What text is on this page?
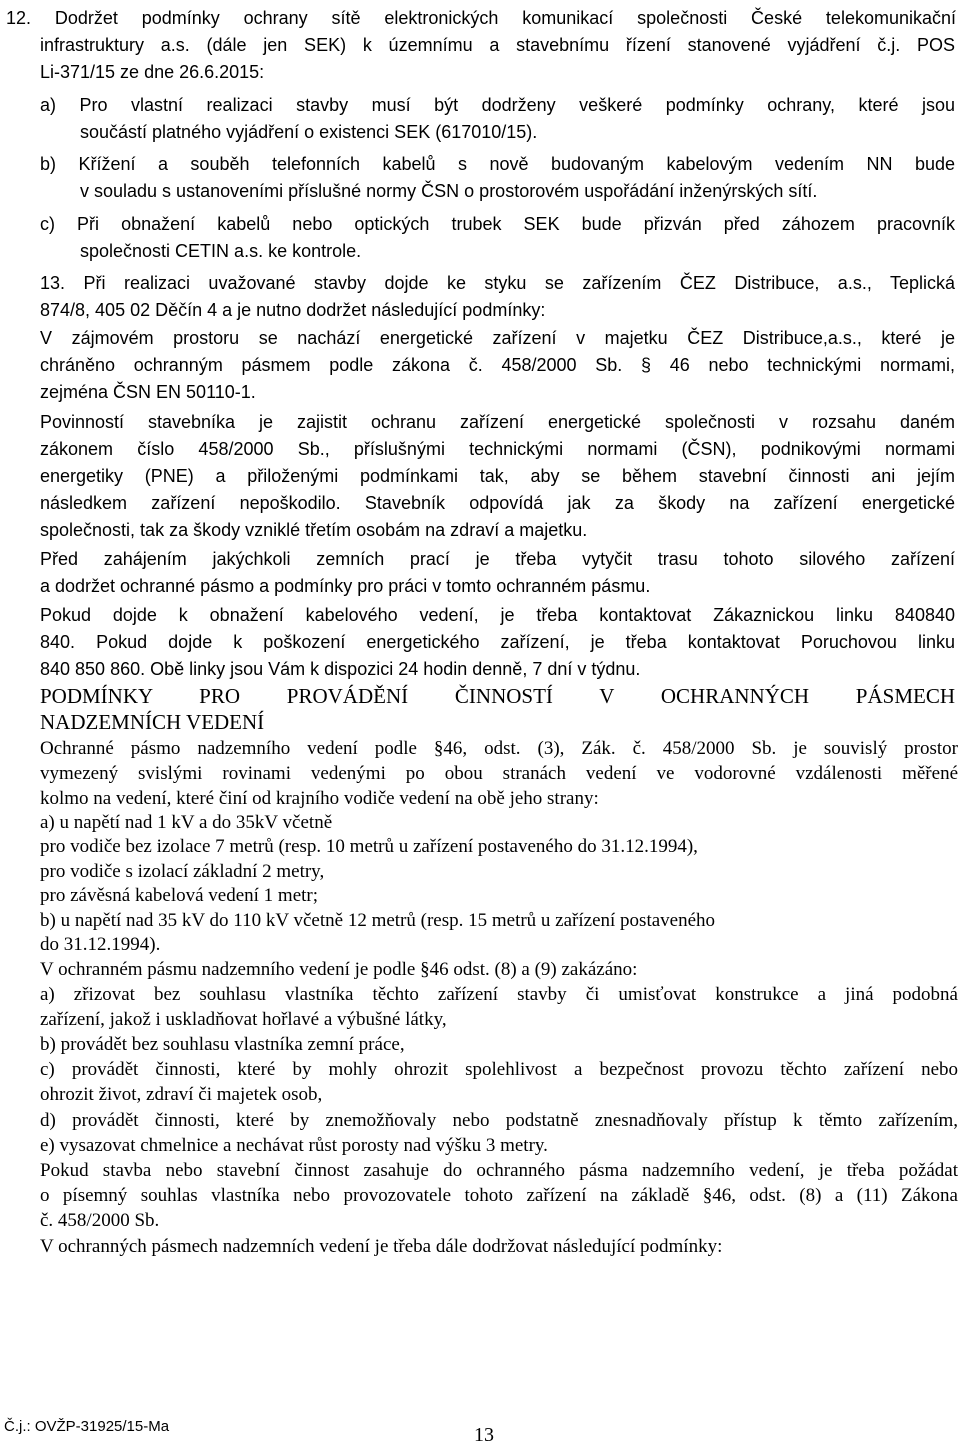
12. Dodržet podmínky ochrany sítě elektronických komunikací společnosti České telekomunikační
infrastruktury a.s. (dále jen SEK) k územnímu a stavebnímu řízení stanovené vyjádření č.j. POS
Li-371/15 ze dne 26.6.2015:
a) Pro vlastní realizaci stavby musí být dodrženy veškeré podmínky ochrany, které jsou
součástí platného vyjádření o existenci SEK (617010/15).
b) Křížení a souběh telefonních kabelů s nově budovaným kabelovým vedením NN bude
v souladu s ustanoveními příslušné normy ČSN o prostorovém uspořádání inženýrských sítí.
c) Při obnažení kabelů nebo optických trubek SEK bude přizván před záhozem pracovník
společnosti CETIN a.s. ke kontrole.
13. Při realizaci uvažované stavby dojde ke styku se zařízením ČEZ Distribuce, a.s., Teplická
874/8, 405 02 Děčín 4 a je nutno dodržet následující podmínky:
V zájmovém prostoru se nachází energetické zařízení v majetku ČEZ Distribuce,a.s., které je
chráněno ochranným pásmem podle zákona č. 458/2000 Sb. § 46 nebo technickými normami,
zejména ČSN EN 50110-1.
Povinností stavebníka je zajistit ochranu zařízení energetické společnosti v rozsahu daném
zákonem číslo 458/2000 Sb., příslušnými technickými normami (ČSN), podnikovými normami
energetiky (PNE) a přiloženými podmínkami tak, aby se během stavební činnosti ani jejím
následkem zařízení nepoškodilo. Stavebník odpovídá jak za škody na zařízení energetické
společnosti, tak za škody vzniklé třetím osobám na zdraví a majetku.
Před zahájením jakýchkoli zemních prací je třeba vytyčit trasu tohoto silového zařízení
a dodržet ochranné pásmo a podmínky pro práci v tomto ochranném pásmu.
Pokud dojde k obnažení kabelového vedení, je třeba kontaktovat Zákaznickou linku 840840
840. Pokud dojde k poškození energetického zařízení, je třeba kontaktovat Poruchovou linku
840 850 860. Obě linky jsou Vám k dispozici 24 hodin denně, 7 dní v týdnu.
PODMÍNKY PRO PROVÁDĚNÍ ČINNOSTÍ V OCHRANNÝCH PÁSMECH
NADZEMNÍCH VEDENÍ
Ochranné pásmo nadzemního vedení podle §46, odst. (3), Zák. č. 458/2000 Sb. je souvislý prostor
vymezený svislými rovinami vedenými po obou stranách vedení ve vodorovné vzdálenosti měřené
kolmo na vedení, které činí od krajního vodiče vedení na obě jeho strany:
a) u napětí nad 1 kV a do 35kV včetně
pro vodiče bez izolace 7 metrů (resp. 10 metrů u zařízení postaveného do 31.12.1994),
pro vodiče s izolací základní 2 metry,
pro závěsná kabelová vedení 1 metr;
b) u napětí nad 35 kV do 110 kV včetně 12 metrů (resp. 15 metrů u zařízení postaveného
do 31.12.1994).
V ochranném pásmu nadzemního vedení je podle §46 odst. (8) a (9) zakázáno:
a) zřizovat bez souhlasu vlastníka těchto zařízení stavby či umisťovat konstrukce a jiná podobná
zařízení, jakož i uskladňovat hořlavé a výbušné látky,
b) provádět bez souhlasu vlastníka zemní práce,
c) provádět činnosti, které by mohly ohrozit spolehlivost a bezpečnost provozu těchto zařízení nebo
ohrozit život, zdraví či majetek osob,
d) provádět činnosti, které by znemožňovaly nebo podstatně znesnadňovaly přístup k těmto zařízením,
e) vysazovat chmelnice a nechávat růst porosty nad výšku 3 metry.
Pokud stavba nebo stavební činnost zasahuje do ochranného pásma nadzemního vedení, je třeba požádat
o písemný souhlas vlastníka nebo provozovatele tohoto zařízení na základě §46, odst. (8) a (11) Zákona
č. 458/2000 Sb.
V ochranných pásmech nadzemních vedení je třeba dále dodržovat následující podmínky:
Č.j.: OVŽP-31925/15-Ma	13
